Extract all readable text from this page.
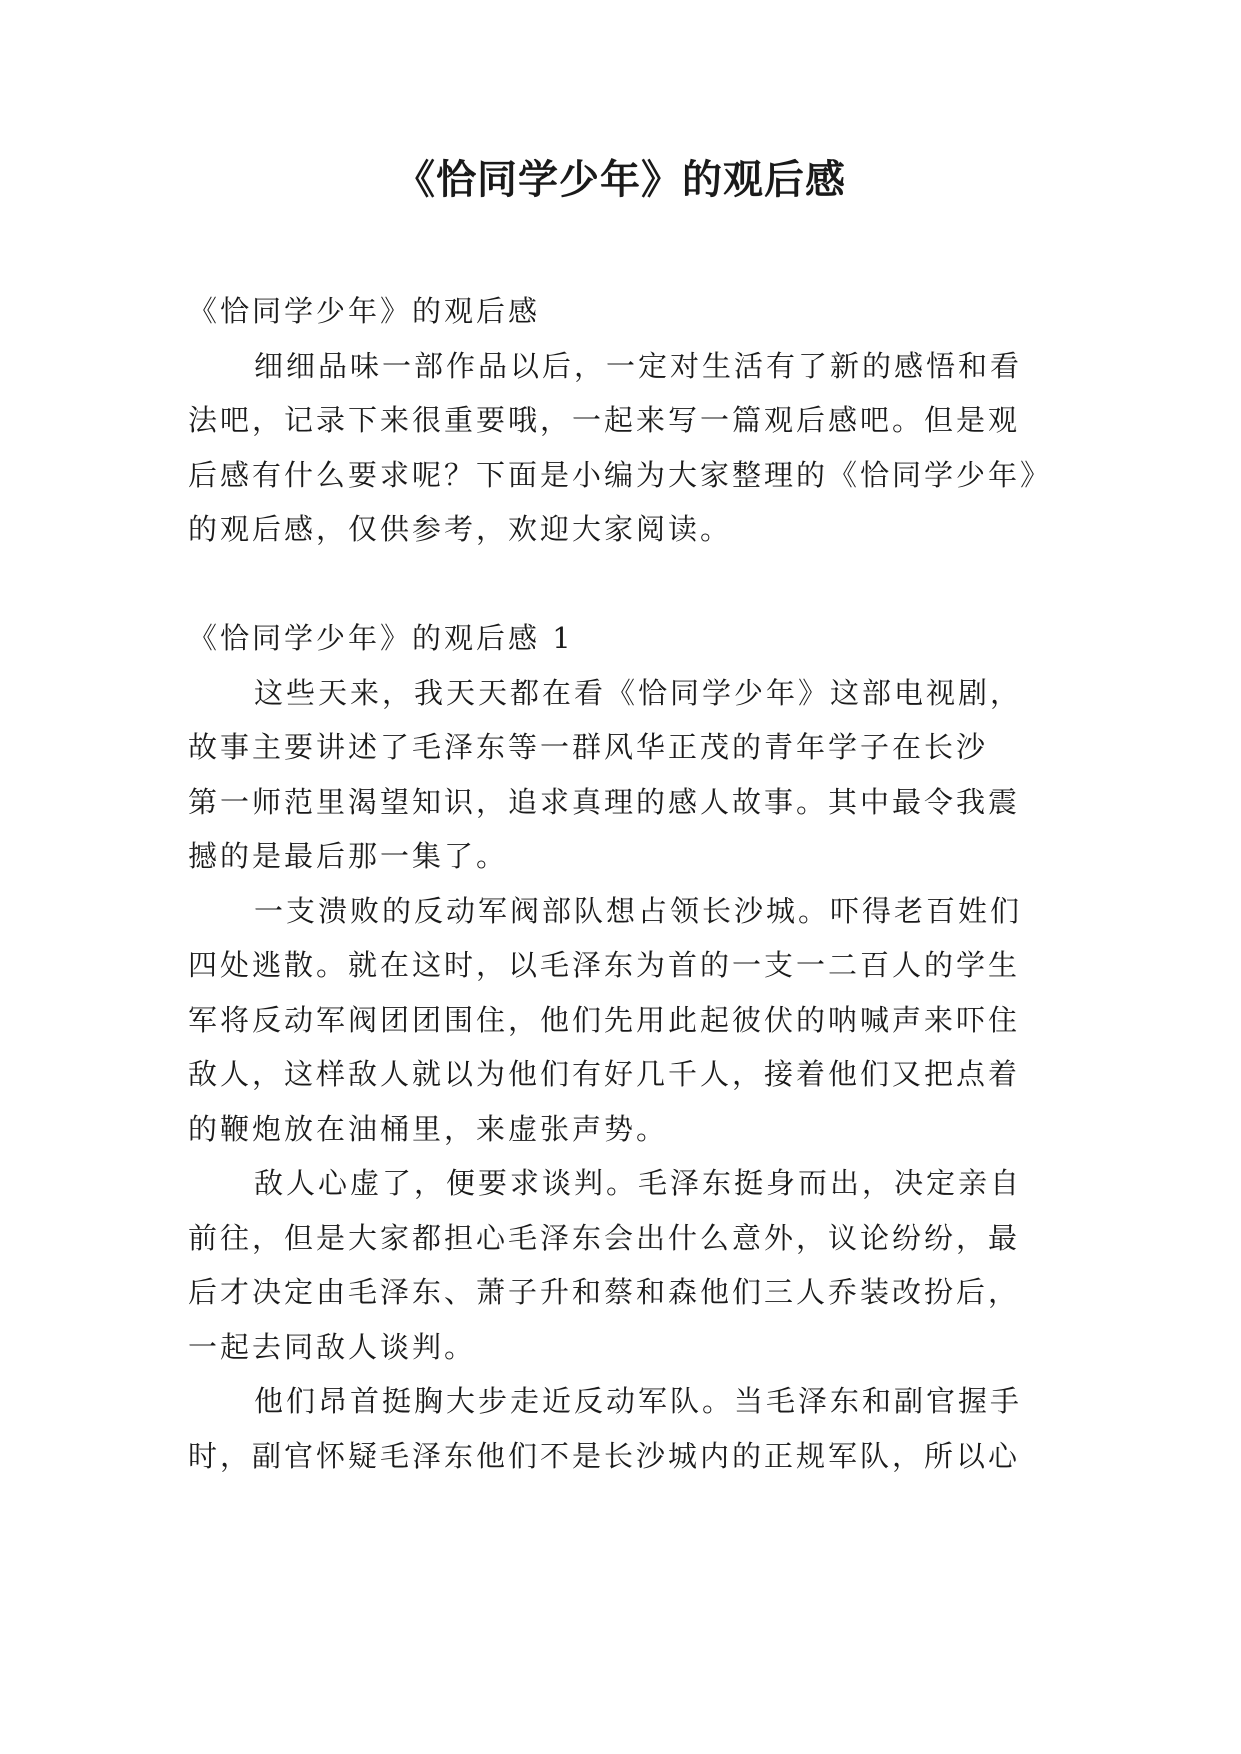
《恰同学少年》的观后感
《恰同学少年》的观后感
细细品味一部作品以后，一定对生活有了新的感悟和看
法吧，记录下来很重要哦，一起来写一篇观后感吧。但是观
后感有什么要求呢？下面是小编为大家整理的《恰同学少年》
的观后感，仅供参考，欢迎大家阅读。
《恰同学少年》的观后感 1
这些天来，我天天都在看《恰同学少年》这部电视剧，
故事主要讲述了毛泽东等一群风华正茂的青年学子在长沙
第一师范里渴望知识，追求真理的感人故事。其中最令我震
撼的是最后那一集了。
一支溃败的反动军阀部队想占领长沙城。吓得老百姓们
四处逃散。就在这时，以毛泽东为首的一支一二百人的学生
军将反动军阀团团围住，他们先用此起彼伏的呐喊声来吓住
敌人，这样敌人就以为他们有好几千人，接着他们又把点着
的鞭炮放在油桶里，来虚张声势。
敌人心虚了，便要求谈判。毛泽东挺身而出，决定亲自
前往，但是大家都担心毛泽东会出什么意外，议论纷纷，最
后才决定由毛泽东、萧子升和蔡和森他们三人乔装改扮后，
一起去同敌人谈判。
他们昂首挺胸大步走近反动军队。当毛泽东和副官握手
时，副官怀疑毛泽东他们不是长沙城内的正规军队，所以心
